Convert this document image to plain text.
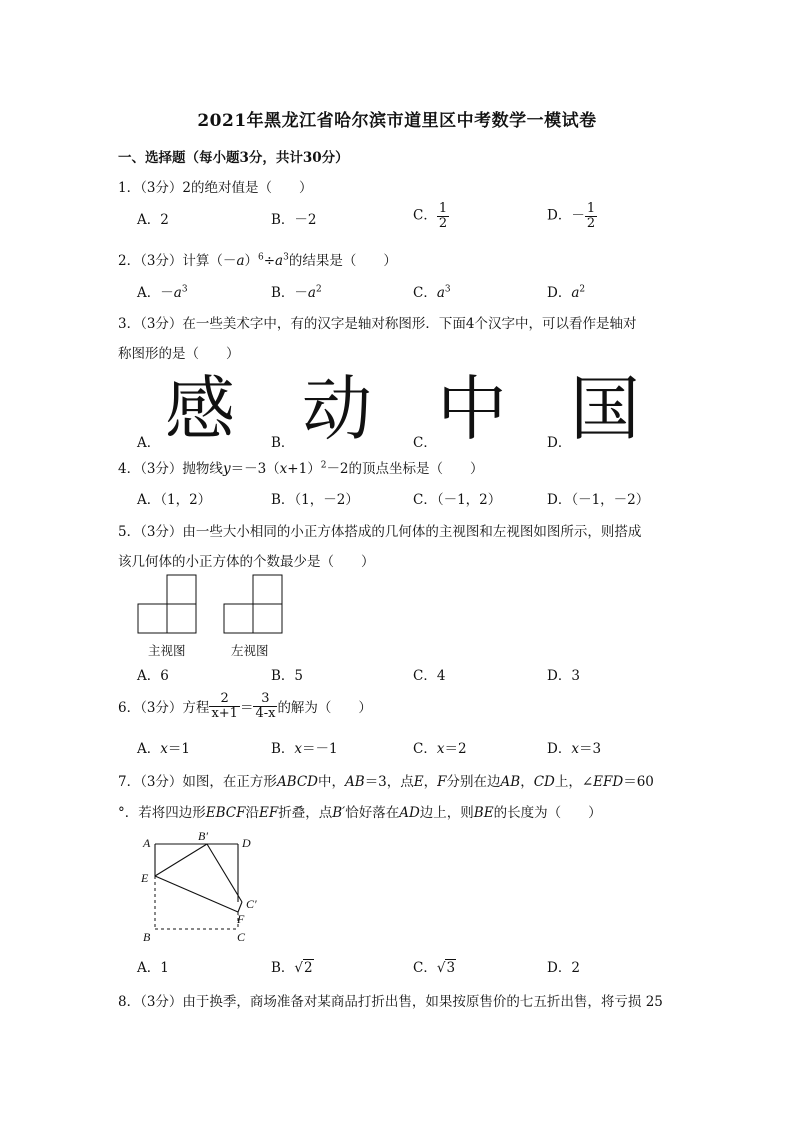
2021年黑龙江省哈尔滨市道里区中考数学一模试卷
一、选择题（每小题3分，共计30分）
1．（3分）2的绝对值是（　　）
A．2	B．－2	C． $\frac{1}{2}$	D．－ $\frac{1}{2}$
2．（3分）计算$(-a)^6\div a^3$的结果是（　　）
A．$-a^3$	B．$-a^2$	C．$a^3$	D．$a^2$
3．（3分）在一些美术字中，有的汉字是轴对称图形．下面4个汉字中，可以看作是轴对
称图形的是（　　）
感 动 中 国
A．	B．	C．	D．
4．（3分）抛物线$y=-3(x+1)^2-2$的顶点坐标是（　　）
A．（1，2）	B．（1，－2）	C．（－1，2）	D．（－1，－2）
5．（3分）由一些大小相同的小正方体搭成的几何体的主视图和左视图如图所示，则搭成
该几何体的小正方体的个数最少是（　　）
主视图	左视图
A．6	B．5	C．4	D．3
6．（3分）方程 $\frac{2}{x+1} = \frac{3}{4-x}$ 的解为（　　）
A．x＝1	B．x＝－1	C．x＝2	D．x＝3
7．（3分）如图，在正方形ABCD中，AB＝3，点E，F分别在边AB，CD上，∠EFD＝60
°．若将四边形EBCF沿EF折叠，点B′恰好落在AD边上，则BE的长度为（　　）
A	B′	D
E
C′
F
B	C
A．1	B．√2	C．√3	D．2
8．（3分）由于换季，商场准备对某商品打折出售，如果按原售价的七五折出售，将亏损 25
